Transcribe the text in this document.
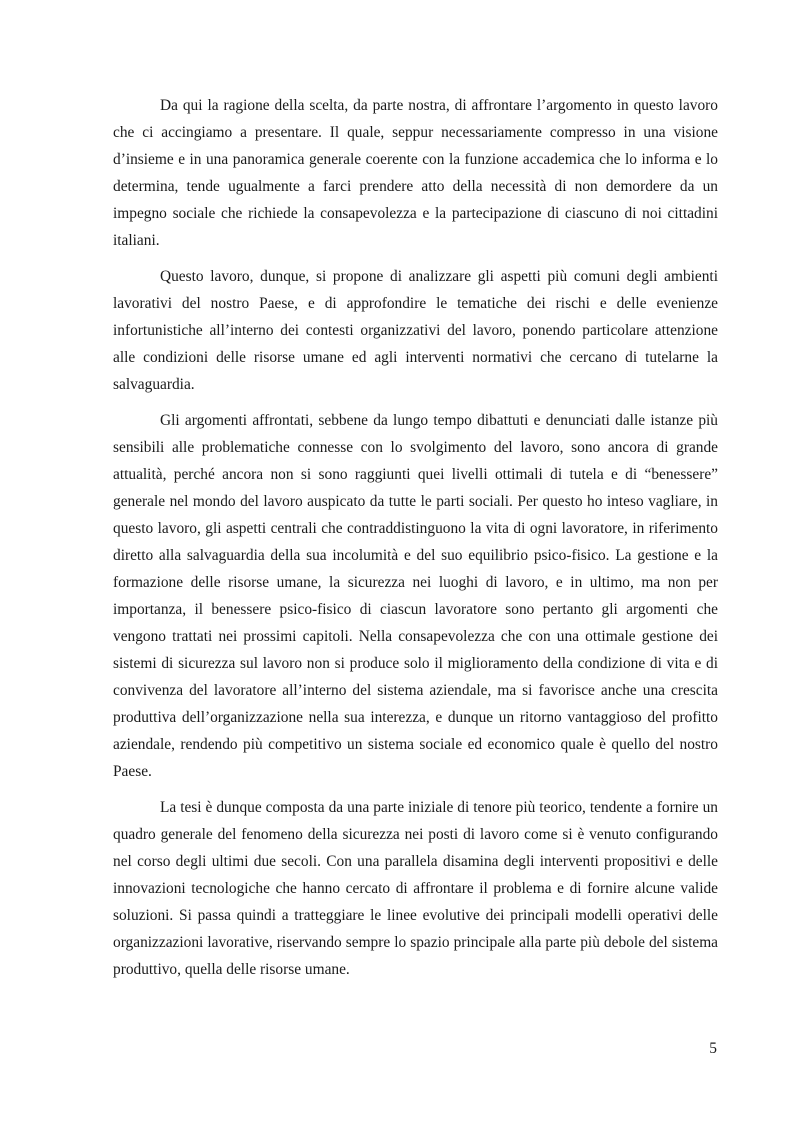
Da qui la ragione della scelta, da parte nostra, di affrontare l’argomento in questo lavoro che ci accingiamo a presentare. Il quale, seppur necessariamente compresso in una visione d’insieme e in una panoramica generale coerente con la funzione accademica che lo informa e lo determina, tende ugualmente a farci prendere atto della necessità di non demordere da un impegno sociale che richiede la consapevolezza e la partecipazione di ciascuno di noi cittadini italiani.

Questo lavoro, dunque, si propone di analizzare gli aspetti più comuni degli ambienti lavorativi del nostro Paese, e di approfondire le tematiche dei rischi e delle evenienze infortunistiche all’interno dei contesti organizzativi del lavoro, ponendo particolare attenzione alle condizioni delle risorse umane ed agli interventi normativi che cercano di tutelarne la salvaguardia.

Gli argomenti affrontati, sebbene da lungo tempo dibattuti e denunciati dalle istanze più sensibili alle problematiche connesse con lo svolgimento del lavoro, sono ancora di grande attualità, perché ancora non si sono raggiunti quei livelli ottimali di tutela e di “benessere” generale nel mondo del lavoro auspicato da tutte le parti sociali. Per questo ho inteso vagliare, in questo lavoro, gli aspetti centrali che contraddistinguono la vita di ogni lavoratore, in riferimento diretto alla salvaguardia della sua incolumità e del suo equilibrio psico-fisico. La gestione e la formazione delle risorse umane, la sicurezza nei luoghi di lavoro, e in ultimo, ma non per importanza, il benessere psico-fisico di ciascun lavoratore sono pertanto gli argomenti che vengono trattati nei prossimi capitoli. Nella consapevolezza che con una ottimale gestione dei sistemi di sicurezza sul lavoro non si produce solo il miglioramento della condizione di vita e di convivenza del lavoratore all’interno del sistema aziendale, ma si favorisce anche una crescita produttiva dell’organizzazione nella sua interezza, e dunque un ritorno vantaggioso del profitto aziendale, rendendo più competitivo un sistema sociale ed economico quale è quello del nostro Paese.

La tesi è dunque composta da una parte iniziale di tenore più teorico, tendente a fornire un quadro generale del fenomeno della sicurezza nei posti di lavoro come si è venuto configurando nel corso degli ultimi due secoli. Con una parallela disamina degli interventi propositivi e delle innovazioni tecnologiche che hanno cercato di affrontare il problema e di fornire alcune valide soluzioni. Si passa quindi a tratteggiare le linee evolutive dei principali modelli operativi delle organizzazioni lavorative, riservando sempre lo spazio principale alla parte più debole del sistema produttivo, quella delle risorse umane.

5
